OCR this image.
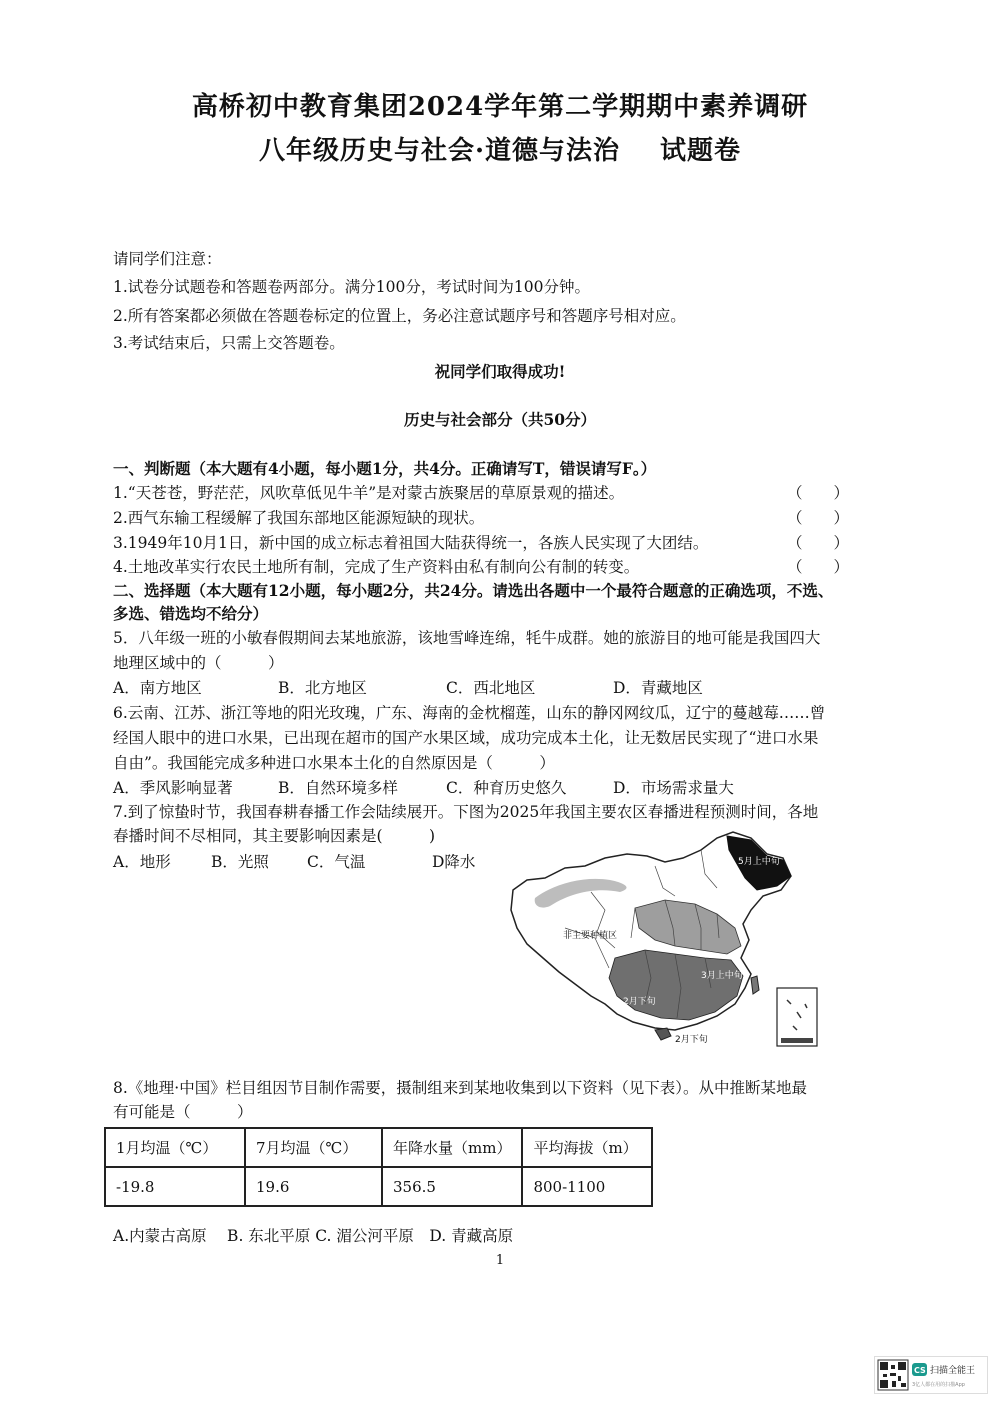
高桥初中教育集团2024学年第二学期期中素养调研
八年级历史与社会·道德与法治 试题卷
请同学们注意：
1.试卷分试题卷和答题卷两部分。满分100分，考试时间为100分钟。
2.所有答案都必须做在答题卷标定的位置上，务必注意试题序号和答题序号相对应。
3.考试结束后，只需上交答题卷。
祝同学们取得成功!
历史与社会部分（共50分）
一、判断题（本大题有4小题，每小题1分，共4分。正确请写T，错误请写F。）
1.“天苍苍，野茫茫，风吹草低见牛羊”是对蒙古族聚居的草原景观的描述。	（　　）
2.西气东输工程缓解了我国东部地区能源短缺的现状。	（　　）
3.1949年10月1日，新中国的成立标志着祖国大陆获得统一，各族人民实现了大团结。	（　　）
4.土地改革实行农民土地所有制，完成了生产资料由私有制向公有制的转变。	（　　）
二、选择题（本大题有12小题，每小题2分，共24分。请选出各题中一个最符合题意的正确选项，不选、
多选、错选均不给分）
5．八年级一班的小敏春假期间去某地旅游，该地雪峰连绵，牦牛成群。她的旅游目的地可能是我国四大
地理区域中的（　　　）
A．南方地区	B．北方地区	C．西北地区	D．青藏地区
6.云南、江苏、浙江等地的阳光玫瑰，广东、海南的金枕榴莲，山东的静冈网纹瓜，辽宁的蔓越莓……曾
经国人眼中的进口水果，已出现在超市的国产水果区域，成功完成本土化，让无数居民实现了“进口水果
自由”。我国能完成多种进口水果本土化的自然原因是（　　　）
A．季风影响显著	B．自然环境多样	C．种育历史悠久	D．市场需求量大
7.到了惊蛰时节，我国春耕春播工作会陆续展开。下图为2025年我国主要农区春播进程预测时间，各地
春播时间不尽相同，其主要影响因素是(　　　)
A．地形	B．光照 C．气温	D降水	5月上中旬
非主要种植区
3月上中旬
2月下旬
2月下旬
8.《地理·中国》栏目组因节目制作需要，摄制组来到某地收集到以下资料（见下表）。从中推断某地最
有可能是（　　　）
1月均温（℃）	7月均温（℃）	年降水量（mm）	平均海拔（m）
-19.8	19.6	356.5	800-1100
A.内蒙古高原　 B. 东北平原 C. 湄公河平原　D. 青藏高原
1
CS 扫描全能王
3亿人都在用的扫描App
